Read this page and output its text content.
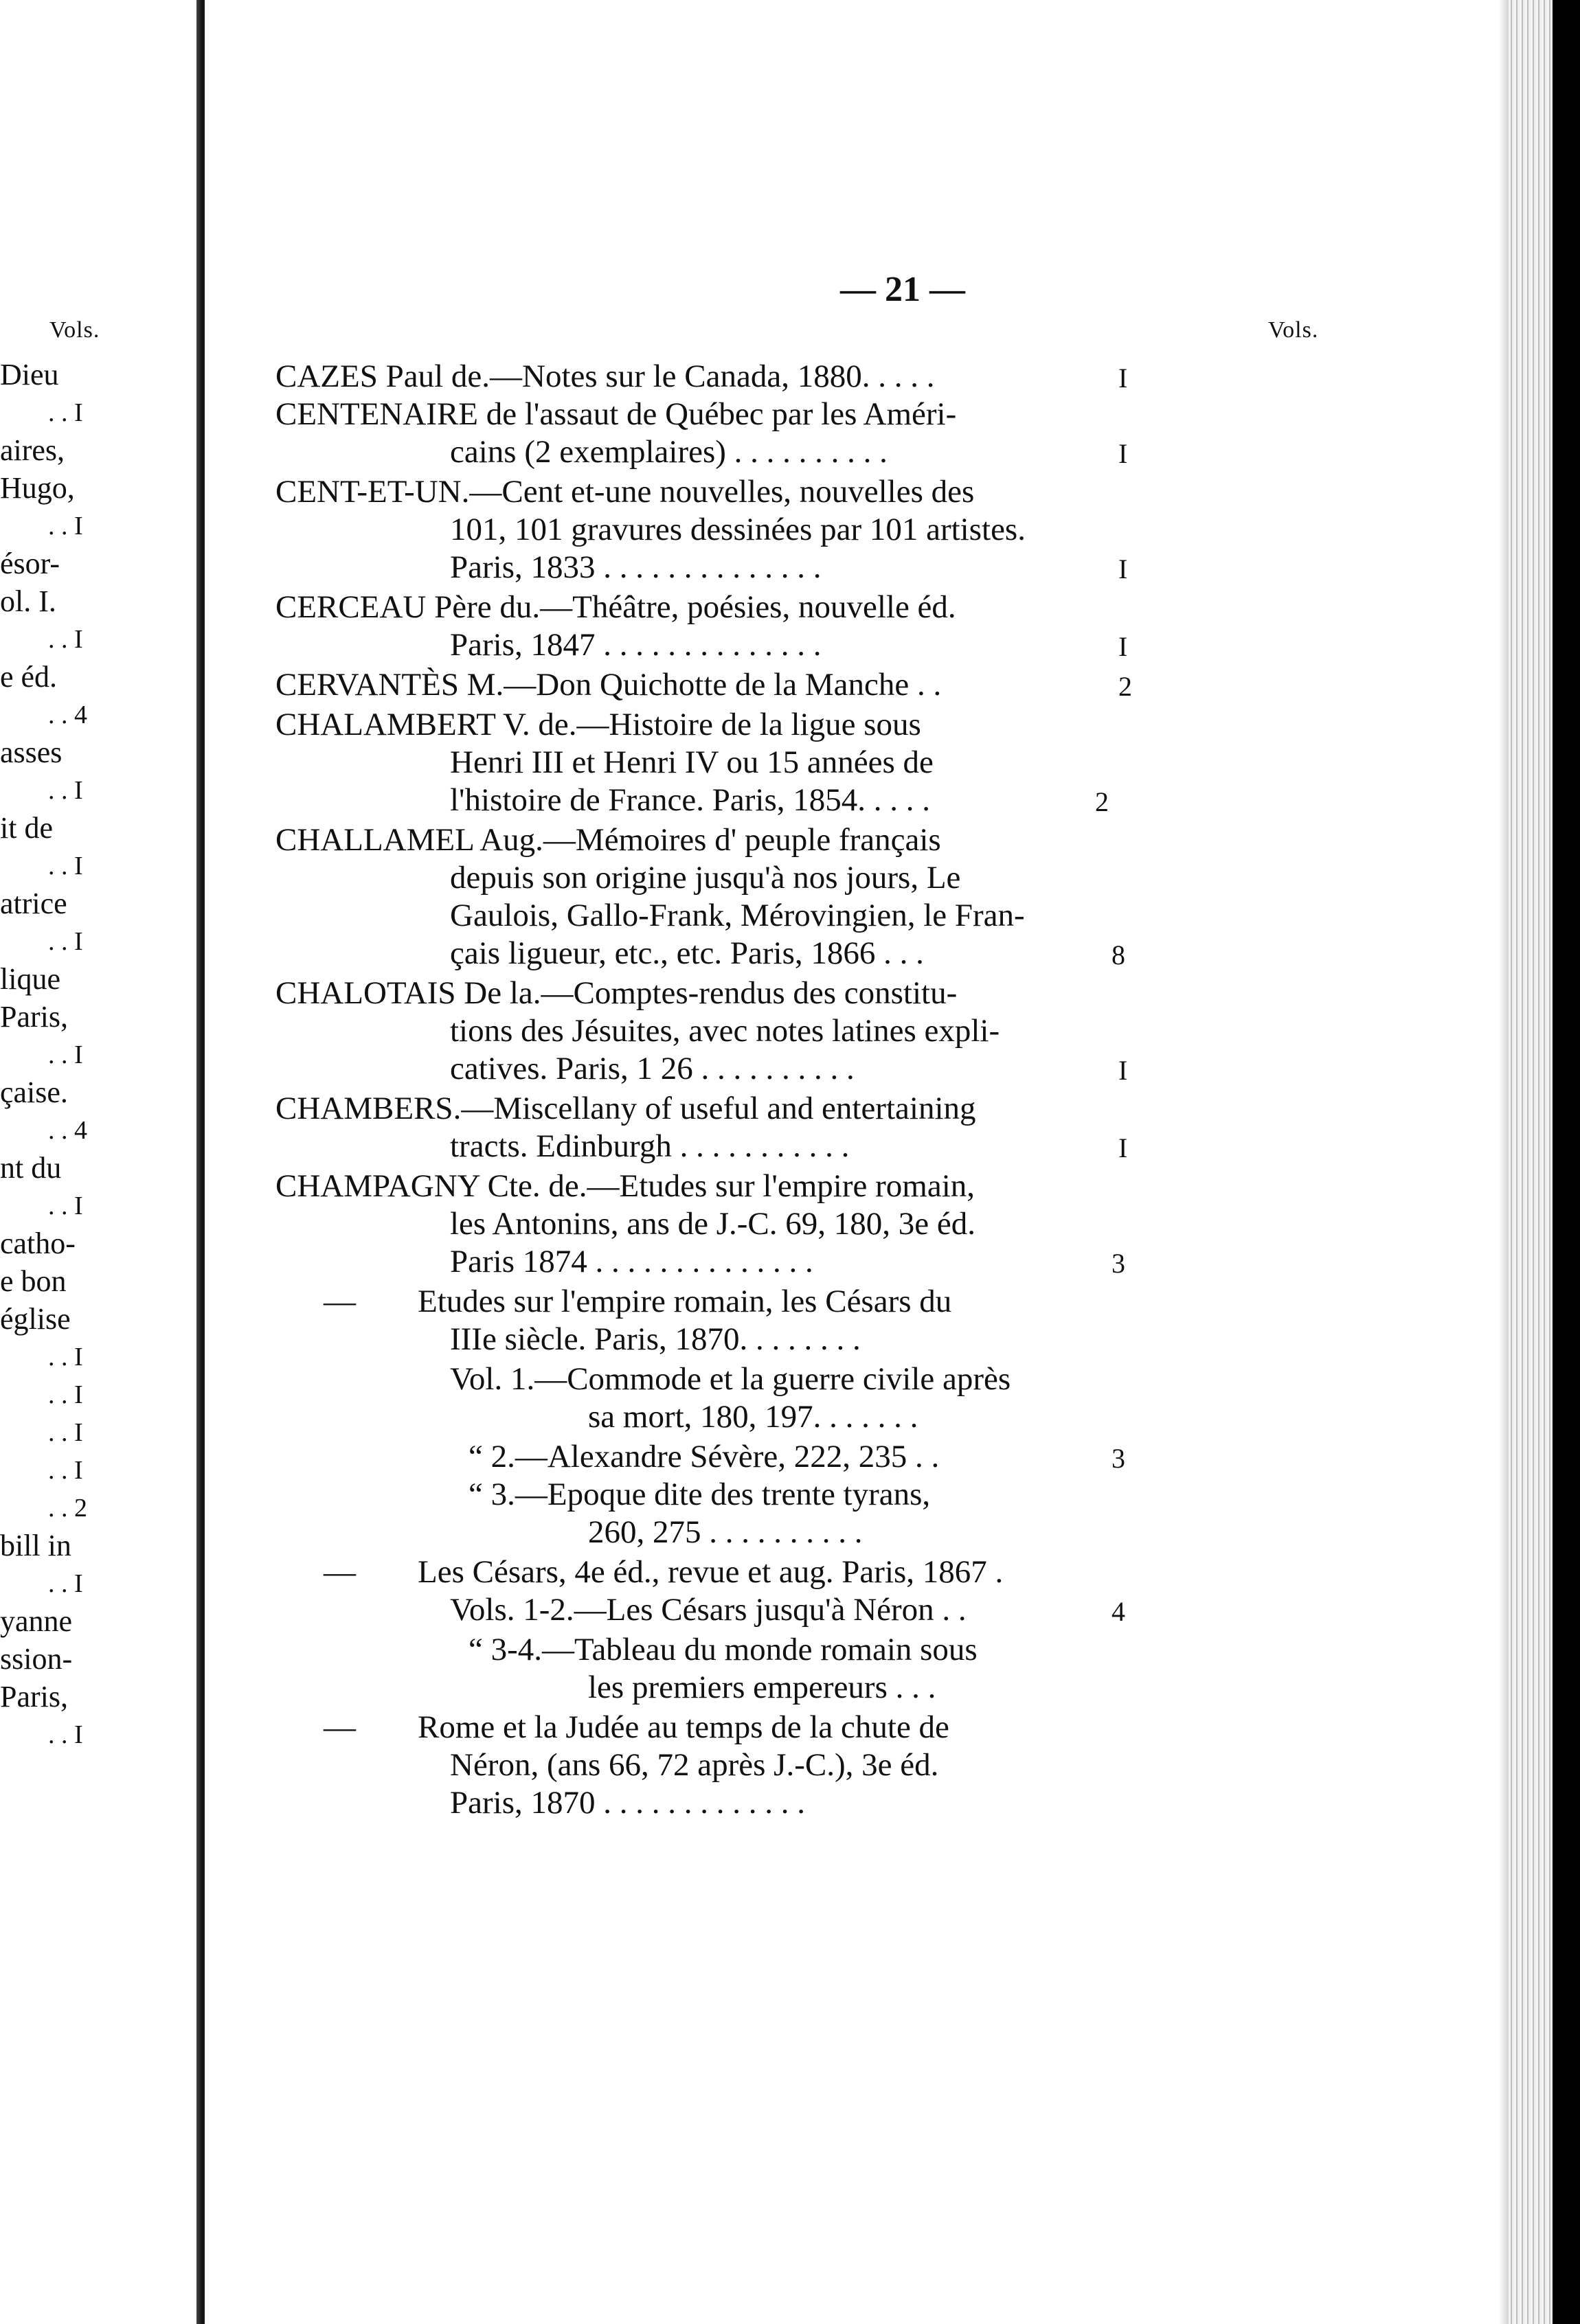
Vols.
Dieu
. . I
aires,
Hugo,
. . I
ésor-
ol. I.
. . I
e éd.
. . 4
asses
. . I
it de
. . I
atrice
. . I
lique
Paris,
. . I
çaise.
. . 4
nt du
. . I
catho-
e bon
église
. . I
. . I
. . I
. . I
. . 2
bill in
. . I
yanne
ssion-
Paris,
. . I
— 21 —
Vols.
CAZES Paul de.—Notes sur le Canada, 1880. . . . .
CENTENAIRE de l'assaut de Québec par les Améri-
cains (2 exemplaires) . . . . . . . . . .
CENT-ET-UN.—Cent et-une nouvelles, nouvelles des
101, 101 gravures dessinées par 101 artistes.
Paris, 1833 . . . . . . . . . . . . . .
CERCEAU Père du.—Théâtre, poésies, nouvelle éd.
Paris, 1847 . . . . . . . . . . . . . .
CERVANTÈS M.—Don Quichotte de la Manche . .
CHALAMBERT V. de.—Histoire de la ligue sous
Henri III et Henri IV ou 15 années de
l'histoire de France. Paris, 1854. . . . .
CHALLAMEL Aug.—Mémoires d' peuple français
depuis son origine jusqu'à nos jours, Le
Gaulois, Gallo-Frank, Mérovingien, le Fran-
çais ligueur, etc., etc. Paris, 1866 . . .
CHALOTAIS De la.—Comptes-rendus des constitu-
tions des Jésuites, avec notes latines expli-
catives. Paris, 1 26 . . . . . . . . . .
CHAMBERS.—Miscellany of useful and entertaining
tracts. Edinburgh . . . . . . . . . . .
CHAMPAGNY Cte. de.—Etudes sur l'empire romain,
les Antonins, ans de J.-C. 69, 180, 3e éd.
Paris 1874 . . . . . . . . . . . . . .
Etudes sur l'empire romain, les Césars du
IIIe siècle. Paris, 1870. . . . . . . .
Vol. 1.—Commode et la guerre civile après
sa mort, 180, 197. . . . . . .
“ 2.—Alexandre Sévère, 222, 235 . .
“ 3.—Epoque dite des trente tyrans,
260, 275 . . . . . . . . . .
Les Césars, 4e éd., revue et aug. Paris, 1867 .
Vols. 1-2.—Les Césars jusqu'à Néron . .
“ 3-4.—Tableau du monde romain sous
les premiers empereurs . . .
Rome et la Judée au temps de la chute de
Néron, (ans 66, 72 après J.-C.), 3e éd.
Paris, 1870 . . . . . . . . . . . . .
—
—
—
I
I
I
I
2
2
8
I
I
3
3
4
